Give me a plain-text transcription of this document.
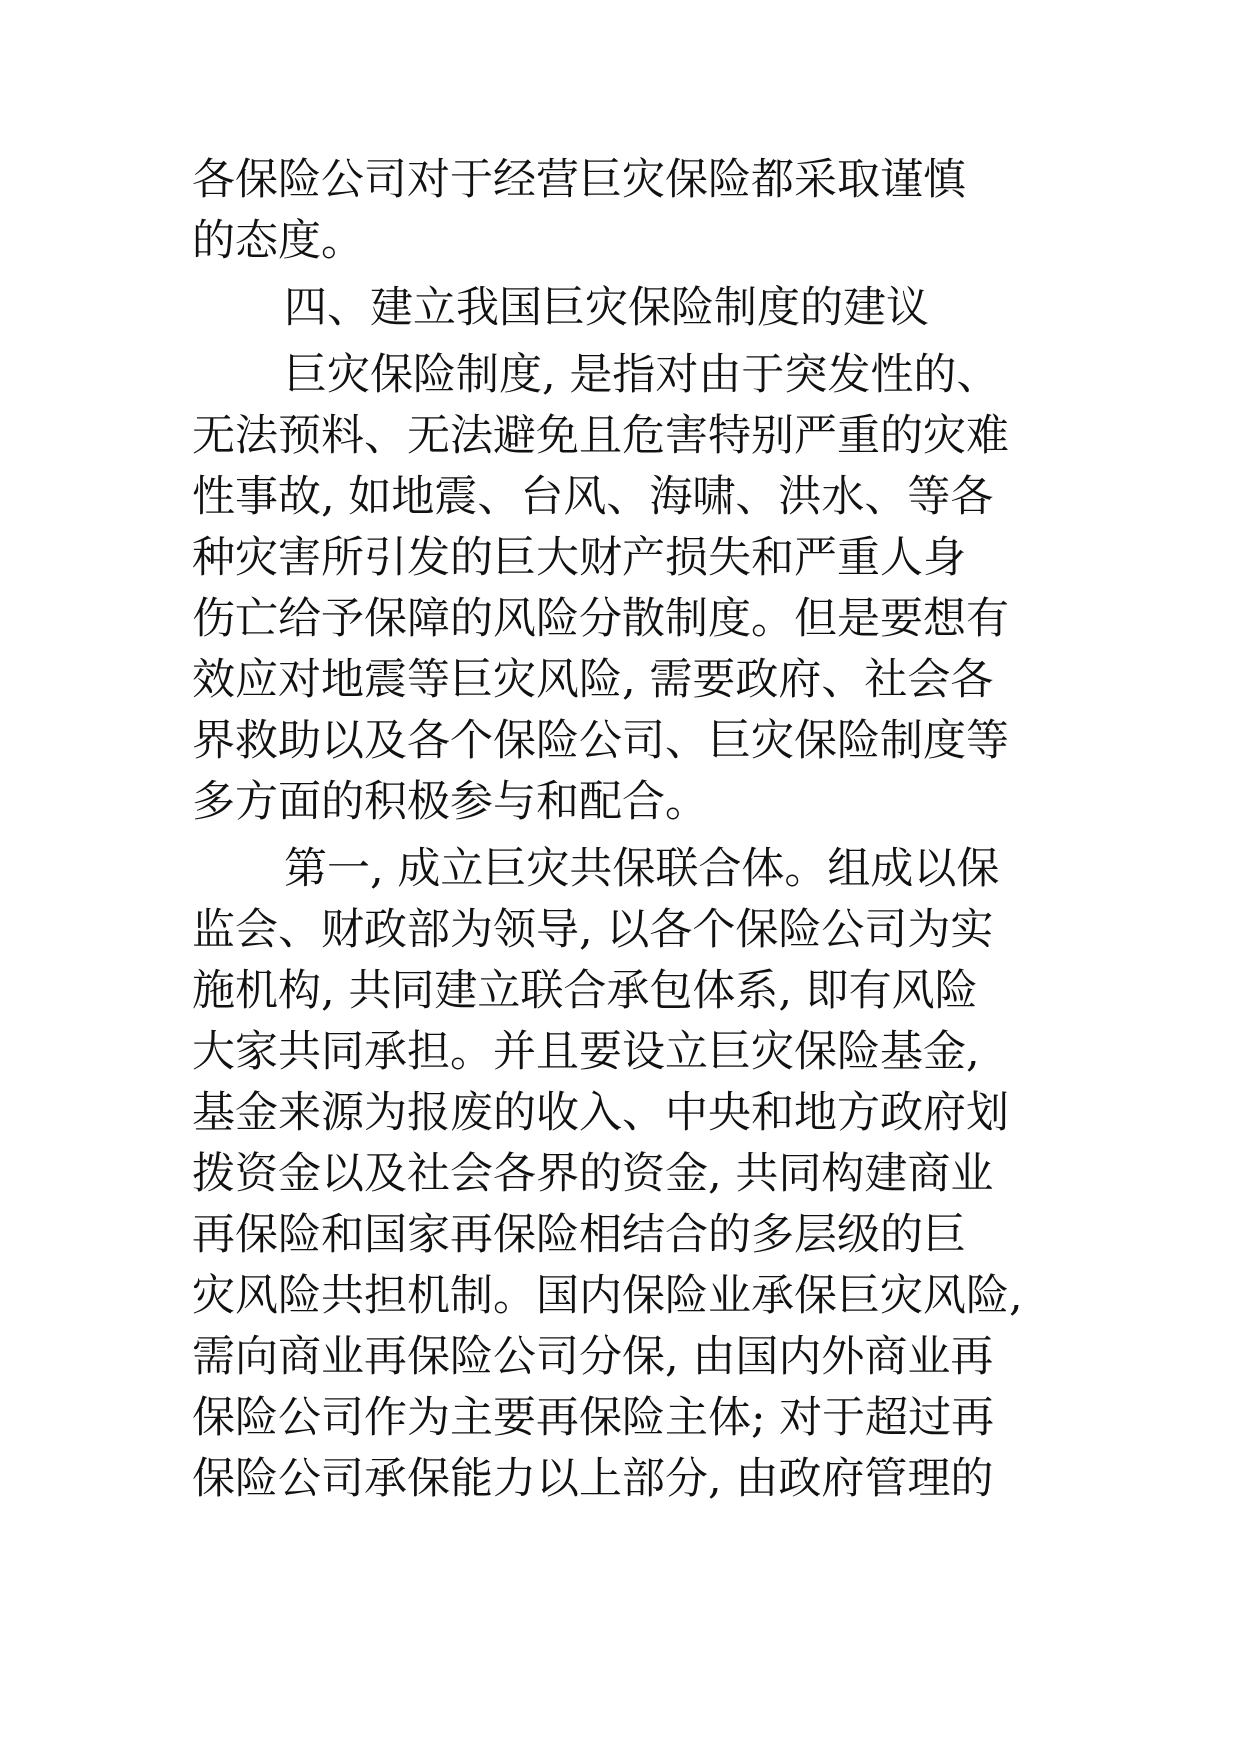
各保险公司对于经营巨灾保险都采取谨慎
的态度。
四、建立我国巨灾保险制度的建议
巨灾保险制度, 是指对由于突发性的、
无法预料、无法避免且危害特别严重的灾难
性事故, 如地震、台风、海啸、洪水、等各
种灾害所引发的巨大财产损失和严重人身
伤亡给予保障的风险分散制度。但是要想有
效应对地震等巨灾风险, 需要政府、社会各
界救助以及各个保险公司、巨灾保险制度等
多方面的积极参与和配合。
第一, 成立巨灾共保联合体。组成以保
监会、财政部为领导, 以各个保险公司为实
施机构, 共同建立联合承包体系, 即有风险
大家共同承担。并且要设立巨灾保险基金,
基金来源为报废的收入、中央和地方政府划
拨资金以及社会各界的资金, 共同构建商业
再保险和国家再保险相结合的多层级的巨
灾风险共担机制。国内保险业承保巨灾风险,
需向商业再保险公司分保, 由国内外商业再
保险公司作为主要再保险主体; 对于超过再
保险公司承保能力以上部分, 由政府管理的
